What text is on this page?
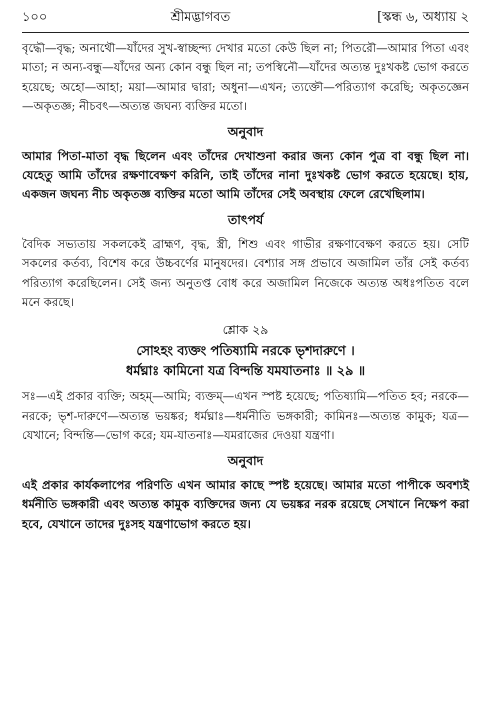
১০০	শ্রীমদ্ভাগবত	[স্কন্ধ ৬, অধ্যায় ২
বৃদ্ধৌ—বৃদ্ধ; অনাথৌ—যাঁদের সুখ-স্বাচ্ছন্দ্য দেখার মতো কেউ ছিল না; পিতরৌ—আমার পিতা এবং মাতা; ন অন্য-বন্ধু—যাঁদের অন্য কোন বন্ধু ছিল না; তপস্বিনৌ—যাঁদের অত্যন্ত দুঃখকষ্ট ভোগ করতে হয়েছে; অহো—আহা; ময়া—আমার দ্বারা; অধুনা—এখন; ত্যক্তৌ—পরিত্যাগ করেছি; অকৃতজ্ঞেন—অকৃতজ্ঞ; নীচবৎ—অত্যন্ত জঘন্য ব্যক্তির মতো।
অনুবাদ
আমার পিতা-মাতা বৃদ্ধ ছিলেন এবং তাঁদের দেখাশুনা করার জন্য কোন পুত্র বা বন্ধু ছিল না। যেহেতু আমি তাঁদের রক্ষণাবেক্ষণ করিনি, তাই তাঁদের নানা দুঃখকষ্ট ভোগ করতে হয়েছে। হায়, একজন জঘন্য নীচ অকৃতজ্ঞ ব্যক্তির মতো আমি তাঁদের সেই অবস্থায় ফেলে রেখেছিলাম।
তাৎপর্য
বৈদিক সভ্যতায় সকলকেই ব্রাহ্মণ, বৃদ্ধ, স্ত্রী, শিশু এবং গাভীর রক্ষণাবেক্ষণ করতে হয়। সেটি সকলের কর্তব্য, বিশেষ করে উচ্চবর্ণের মানুষদের। বেশ্যার সঙ্গ প্রভাবে অজামিল তাঁর সেই কর্তব্য পরিত্যাগ করেছিলেন। সেই জন্য অনুতপ্ত বোধ করে অজামিল নিজেকে অত্যন্ত অধঃপতিত বলে মনে করছে।
শ্লোক ২৯
সোঽহং ব্যক্তং পতিষ্যামি নরকে ভৃশদারুণে ।
ধর্মঘ্নাঃ কামিনো যত্র বিন্দন্তি যমযাতনাঃ ॥ ২৯ ॥
সঃ—এই প্রকার ব্যক্তি; অহম্—আমি; ব্যক্তম্—এখন স্পষ্ট হয়েছে; পতিষ্যামি—পতিত হব; নরকে—নরকে; ভৃশ-দারুণে—অত্যন্ত ভয়ঙ্কর; ধর্মঘ্নাঃ—ধর্মনীতি ভঙ্গকারী; কামিনঃ—অত্যন্ত কামুক; যত্র—যেখানে; বিন্দন্তি—ভোগ করে; যম-যাতনাঃ—যমরাজের দেওয়া যন্ত্রণা।
অনুবাদ
এই প্রকার কার্যকলাপের পরিণতি এখন আমার কাছে স্পষ্ট হয়েছে। আমার মতো পাপীকে অবশ্যই ধর্মনীতি ভঙ্গকারী এবং অত্যন্ত কামুক ব্যক্তিদের জন্য যে ভয়ঙ্কর নরক রয়েছে সেখানে নিক্ষেপ করা হবে, যেখানে তাদের দুঃসহ যন্ত্রণাভোগ করতে হয়।
